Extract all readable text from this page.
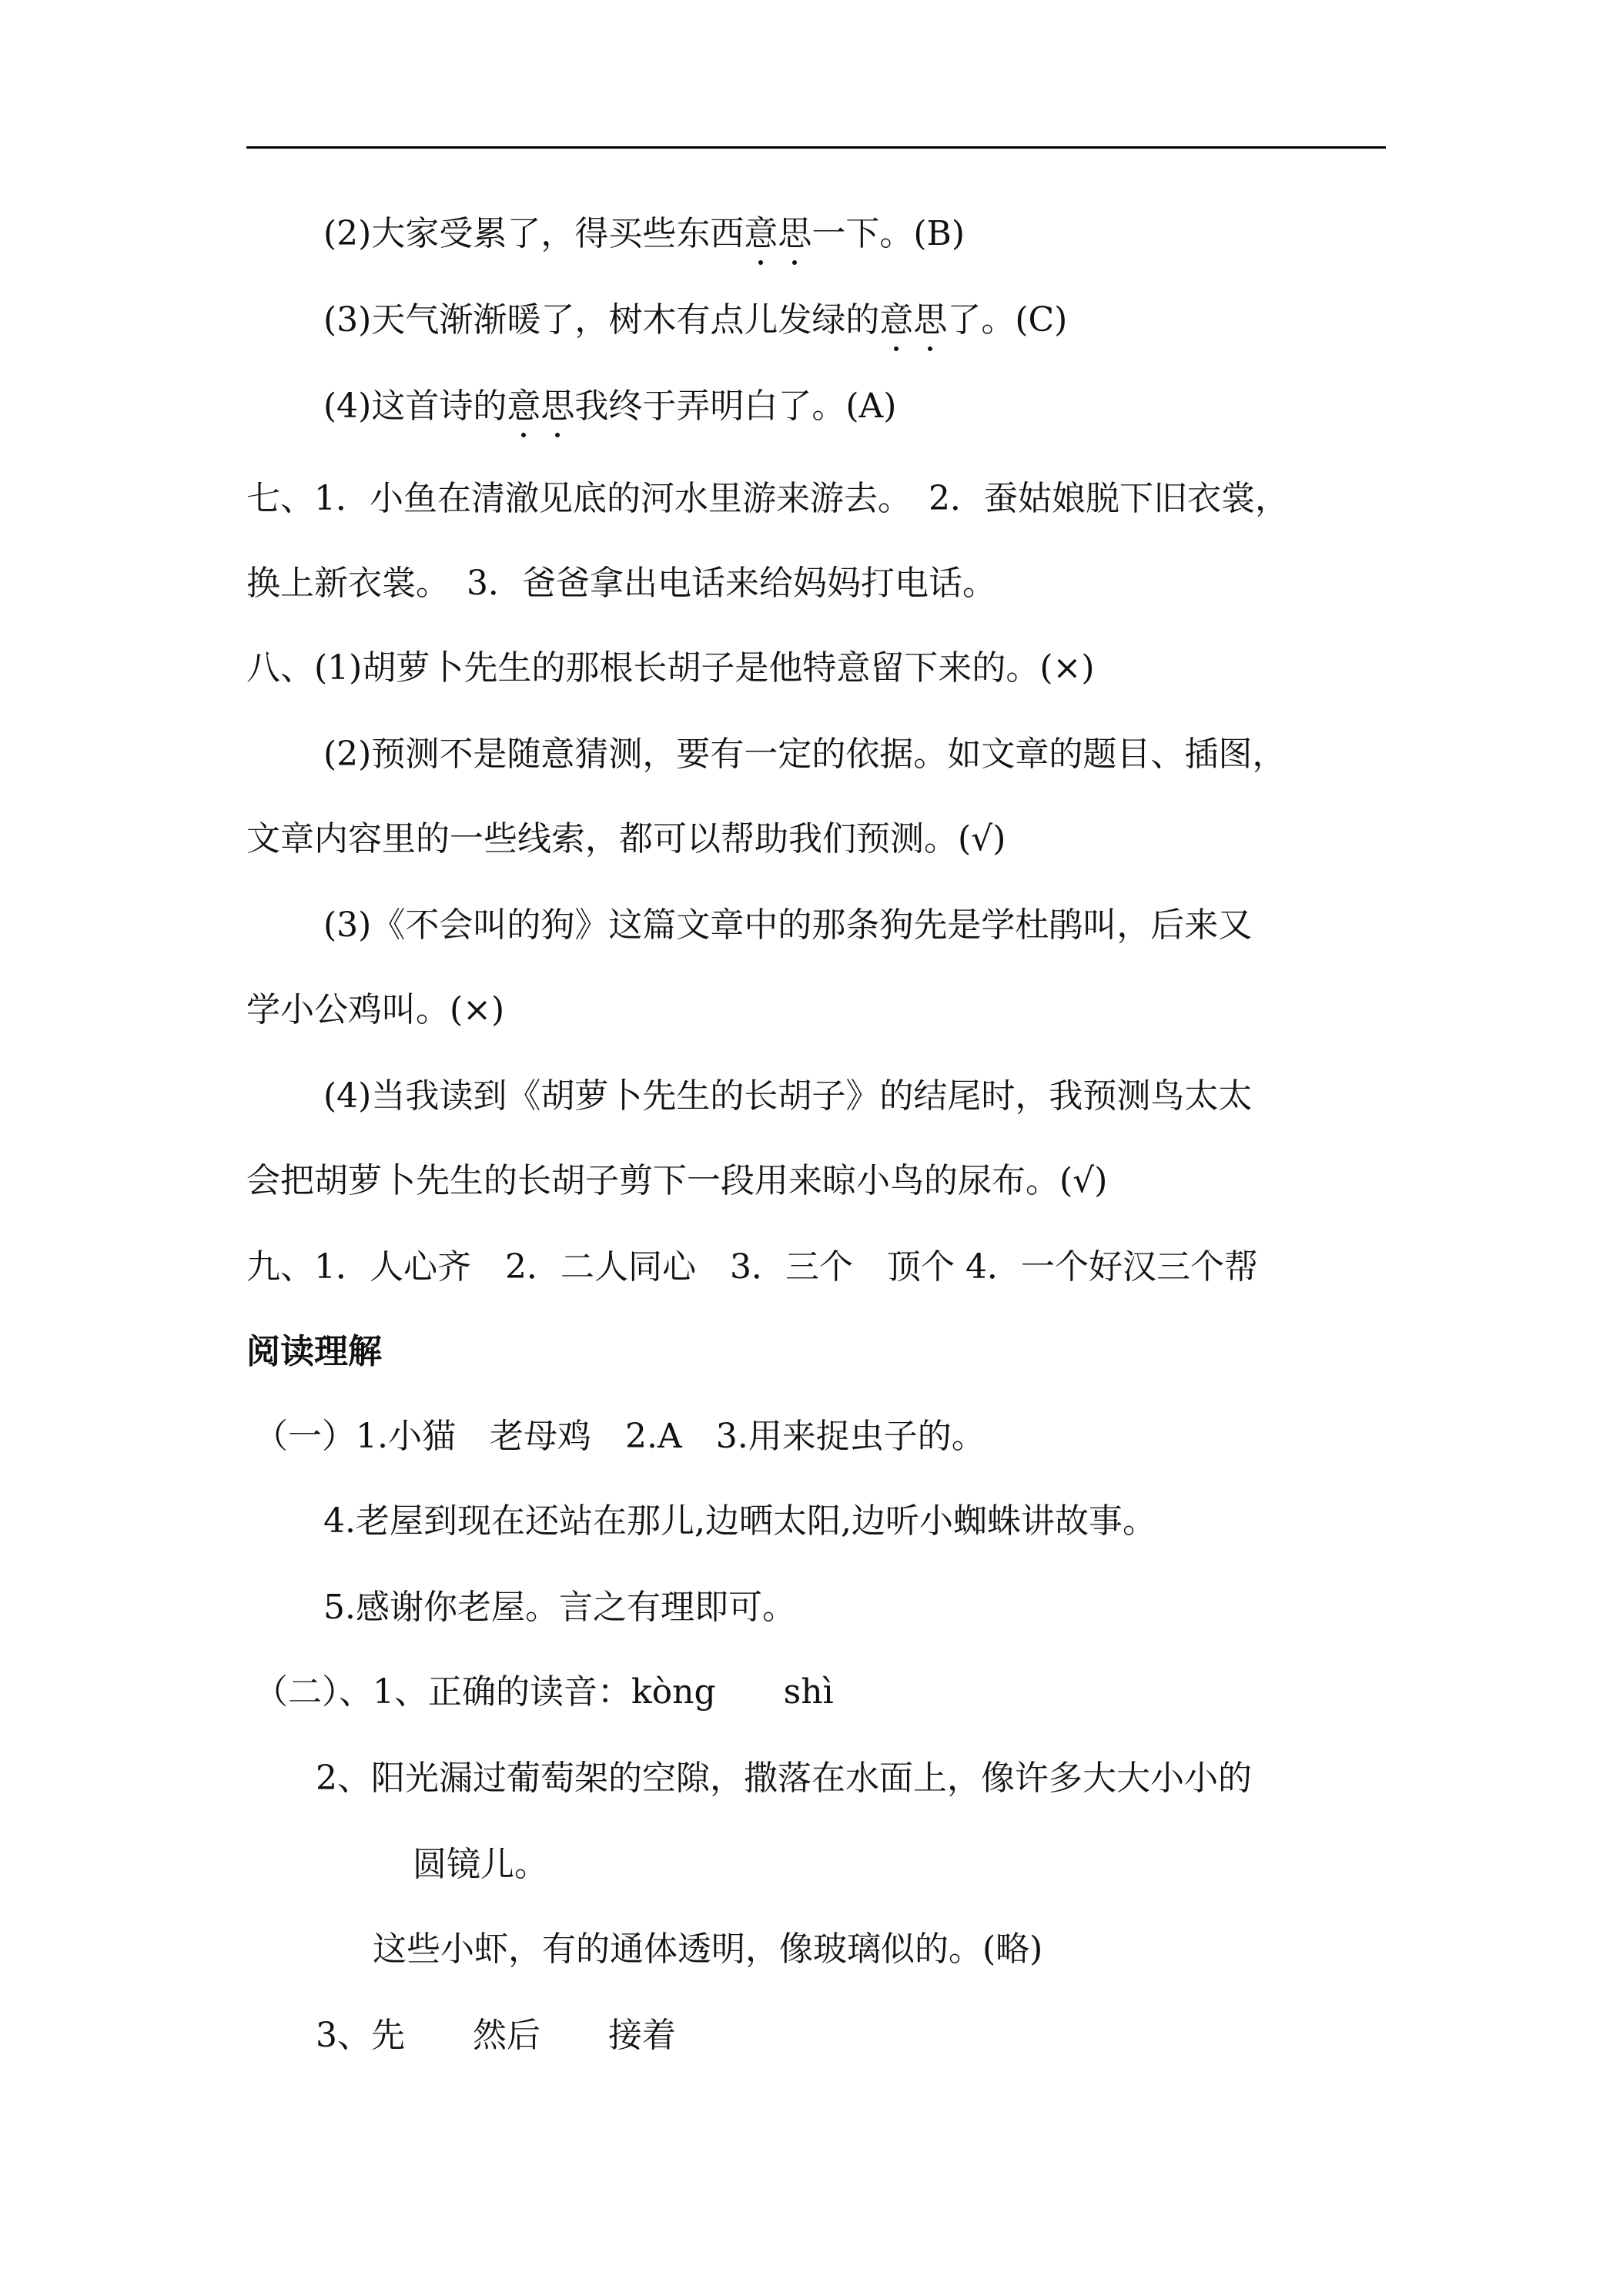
(2)大家受累了，得买些东西意思一下。(B)
(3)天气渐渐暖了，树木有点儿发绿的意思了。(C)
(4)这首诗的意思我终于弄明白了。(A)
七、1．小鱼在清澈见底的河水里游来游去。　2．蚕姑娘脱下旧衣裳，
换上新衣裳。　3．爸爸拿出电话来给妈妈打电话。
八、(1)胡萝卜先生的那根长胡子是他特意留下来的。(×)
(2)预测不是随意猜测，要有一定的依据。如文章的题目、插图，
文章内容里的一些线索，都可以帮助我们预测。(√)
(3)《不会叫的狗》这篇文章中的那条狗先是学杜鹃叫，后来又
学小公鸡叫。(×)
(4)当我读到《胡萝卜先生的长胡子》的结尾时，我预测鸟太太
会把胡萝卜先生的长胡子剪下一段用来晾小鸟的尿布。(√)
九、1．人心齐　2．二人同心　3．三个　顶个 4．一个好汉三个帮
阅读理解
（一）1.小猫　老母鸡　2.A　3.用来捉虫子的。
4.老屋到现在还站在那儿,边晒太阳,边听小蜘蛛讲故事。
5.感谢你老屋。言之有理即可。
（二）、1、正确的读音：kòng　　shì
2、阳光漏过葡萄架的空隙，撒落在水面上，像许多大大小小的
圆镜儿。
这些小虾，有的通体透明，像玻璃似的。(略)
3、先　　然后　　接着
